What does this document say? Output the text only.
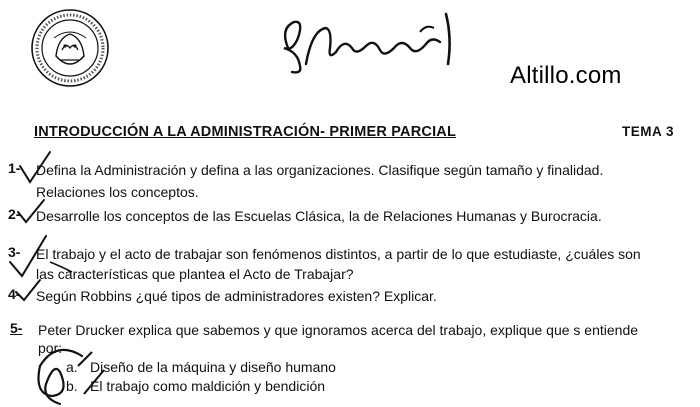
Altillo.com
INTRODUCCIÓN A LA ADMINISTRACIÓN- PRIMER PARCIAL	TEMA 3
1- Defina la Administración y defina a las organizaciones. Clasifique según tamaño y finalidad.
Relaciones los conceptos.
2- Desarrolle los conceptos de las Escuelas Clásica, la de Relaciones Humanas y Burocracia.
3- El trabajo y el acto de trabajar son fenómenos distintos, a partir de lo que estudiaste, ¿cuáles son
las características que plantea el Acto de Trabajar?
4- Según Robbins ¿qué tipos de administradores existen? Explicar.
5- Peter Drucker explica que sabemos y que ignoramos acerca del trabajo, explique que s entiende
por:
a. Diseño de la máquina y diseño humano
b. El trabajo como maldición y bendición
